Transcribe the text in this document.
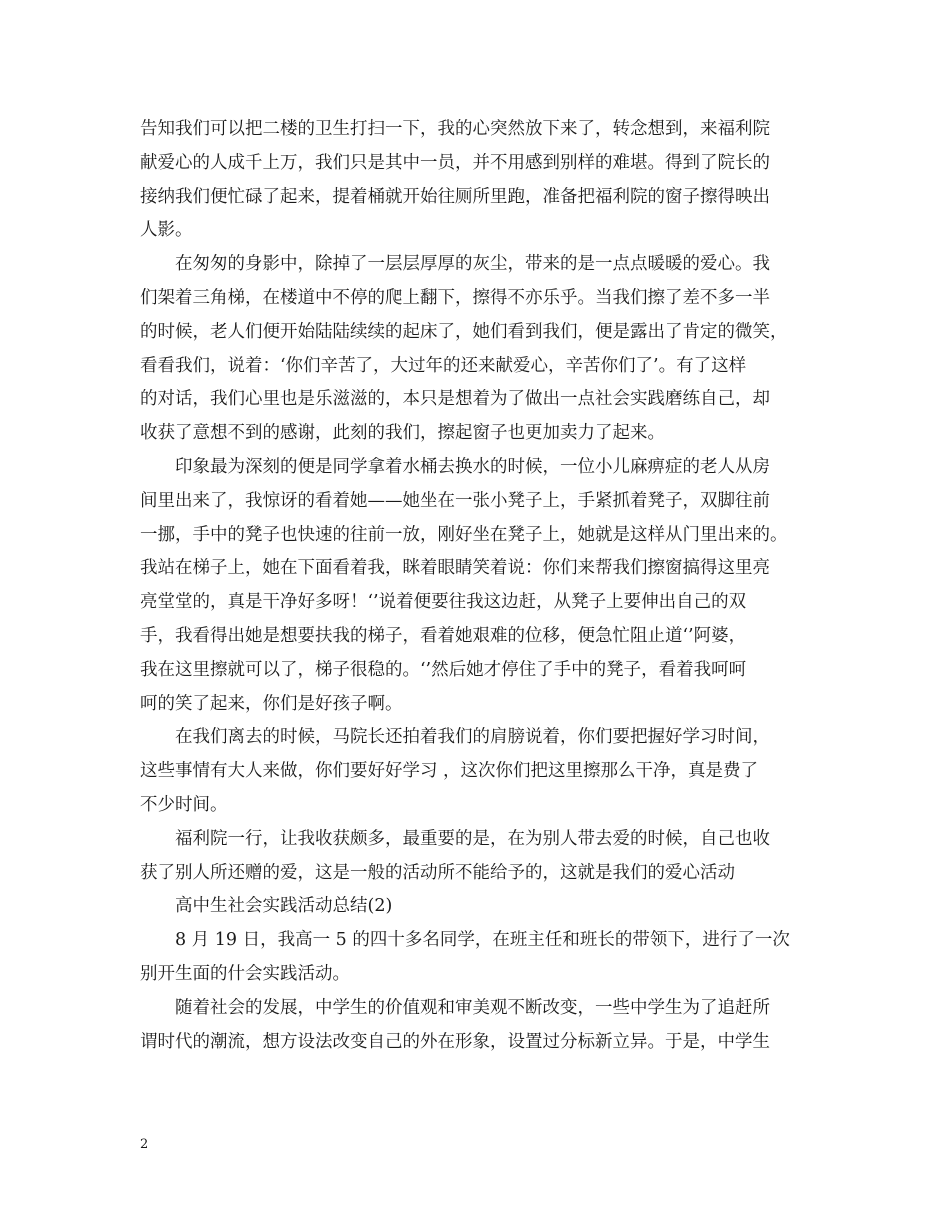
告知我们可以把二楼的卫生打扫一下，我的心突然放下来了，转念想到，来福利院
献爱心的人成千上万，我们只是其中一员，并不用感到别样的难堪。得到了院长的
接纳我们便忙碌了起来，提着桶就开始往厕所里跑，准备把福利院的窗子擦得映出
人影。
在匆匆的身影中，除掉了一层层厚厚的灰尘，带来的是一点点暖暖的爱心。我
们架着三角梯，在楼道中不停的爬上翻下，擦得不亦乐乎。当我们擦了差不多一半
的时候，老人们便开始陆陆续续的起床了，她们看到我们，便是露出了肯定的微笑，
看看我们，说着：‘你们辛苦了，大过年的还来献爱心，辛苦你们了’。有了这样
的对话，我们心里也是乐滋滋的，本只是想着为了做出一点社会实践磨练自己，却
收获了意想不到的感谢，此刻的我们，擦起窗子也更加卖力了起来。
印象最为深刻的便是同学拿着水桶去换水的时候，一位小儿麻痹症的老人从房
间里出来了，我惊讶的看着她——她坐在一张小凳子上，手紧抓着凳子，双脚往前
一挪，手中的凳子也快速的往前一放，刚好坐在凳子上，她就是这样从门里出来的。
我站在梯子上，她在下面看着我，眯着眼睛笑着说：你们来帮我们擦窗搞得这里亮
亮堂堂的，真是干净好多呀！‘’说着便要往我这边赶，从凳子上要伸出自己的双
手，我看得出她是想要扶我的梯子，看着她艰难的位移，便急忙阻止道‘’阿婆，
我在这里擦就可以了，梯子很稳的。‘’然后她才停住了手中的凳子，看着我呵呵
呵的笑了起来，你们是好孩子啊。
在我们离去的时候，马院长还拍着我们的肩膀说着，你们要把握好学习时间，
这些事情有大人来做，你们要好好学习 ，这次你们把这里擦那么干净，真是费了
不少时间。
福利院一行，让我收获颇多，最重要的是，在为别人带去爱的时候，自己也收
获了别人所还赠的爱，这是一般的活动所不能给予的，这就是我们的爱心活动
高中生社会实践活动总结(2)
8 月 19 日，我高一 5 的四十多名同学，在班主任和班长的带领下，进行了一次
别开生面的什会实践活动。
随着社会的发展，中学生的价值观和审美观不断改变，一些中学生为了追赶所
谓时代的潮流，想方设法改变自己的外在形象，设置过分标新立异。于是，中学生
2
